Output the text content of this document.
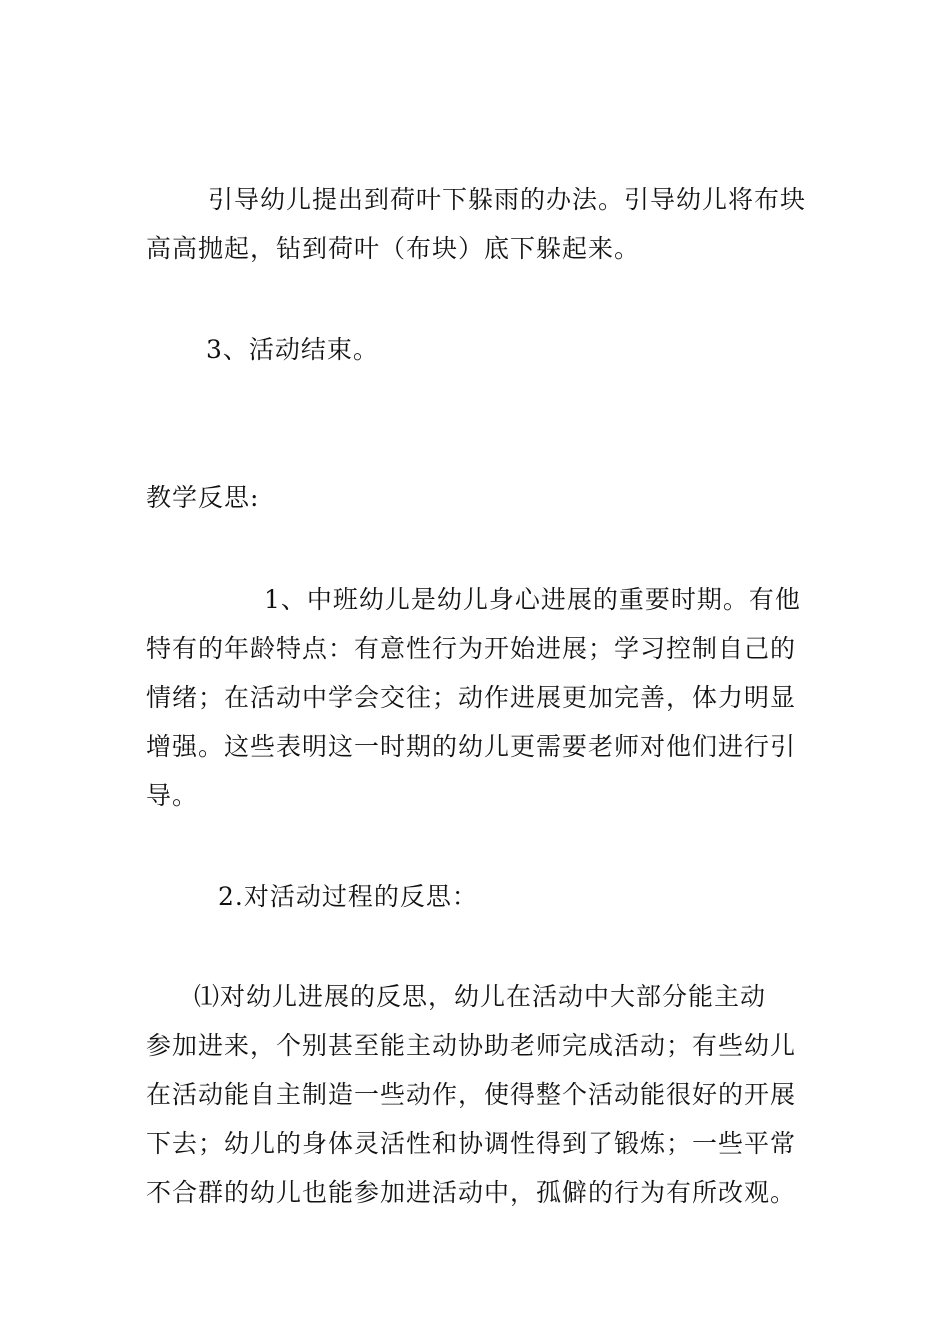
引导幼儿提出到荷叶下躲雨的办法。引导幼儿将布块
高高抛起，钻到荷叶（布块）底下躲起来。
3、活动结束。
教学反思:
1、中班幼儿是幼儿身心进展的重要时期。有他
特有的年龄特点：有意性行为开始进展；学习控制自己的
情绪；在活动中学会交往；动作进展更加完善，体力明显
增强。这些表明这一时期的幼儿更需要老师对他们进行引
导。
2.对活动过程的反思：
⑴对幼儿进展的反思，幼儿在活动中大部分能主动
参加进来，个别甚至能主动协助老师完成活动；有些幼儿
在活动能自主制造一些动作，使得整个活动能很好的开展
下去；幼儿的身体灵活性和协调性得到了锻炼；一些平常
不合群的幼儿也能参加进活动中，孤僻的行为有所改观。
